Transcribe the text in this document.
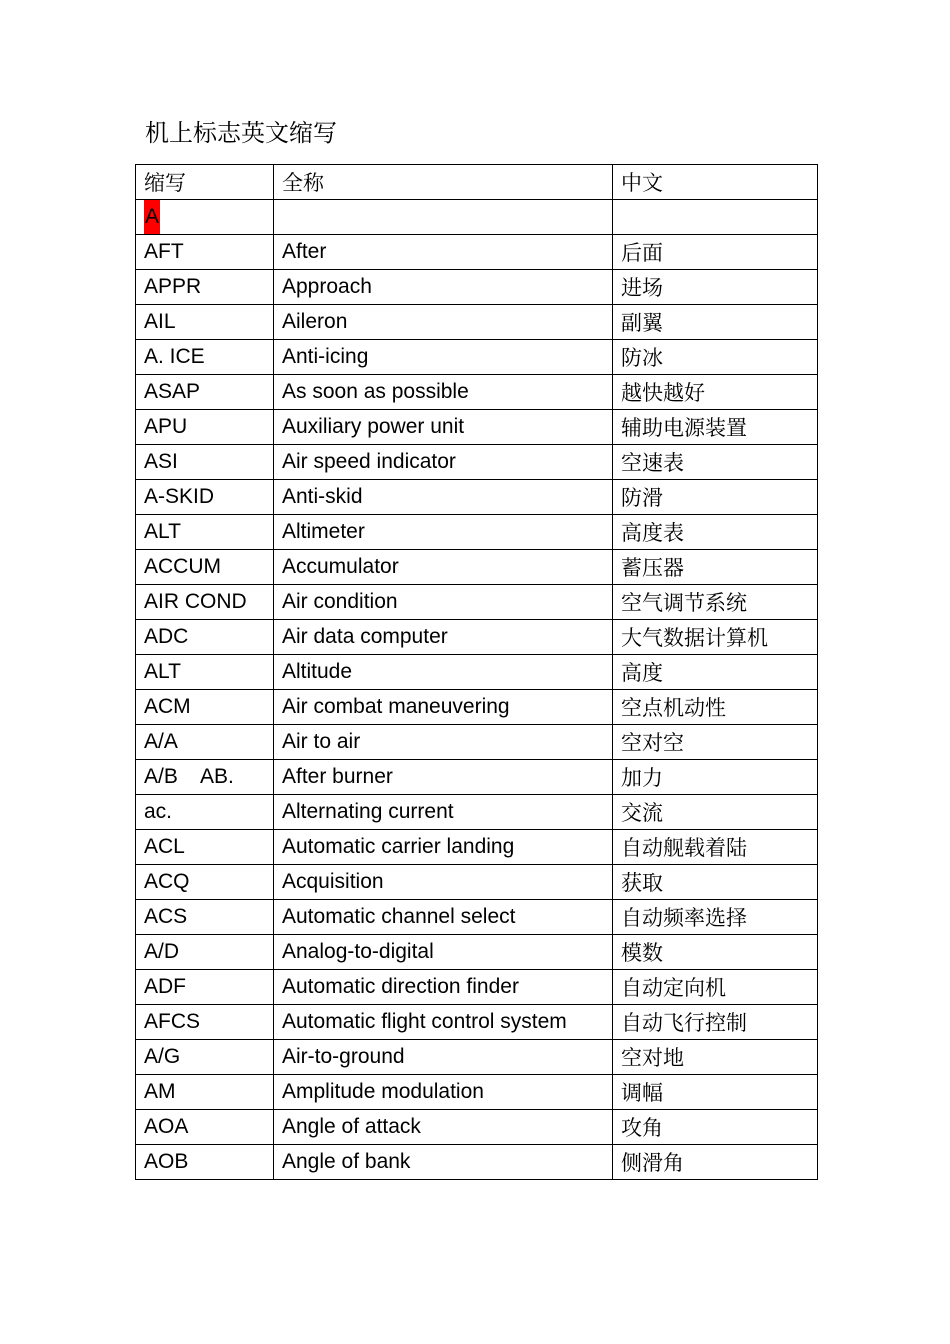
机上标志英文缩写
缩写	全称	中文
A		
AFT	After	后面
APPR	Approach	进场
AIL	Aileron	副翼
A. ICE	Anti-icing	防冰
ASAP	As soon as possible	越快越好
APU	Auxiliary power unit	辅助电源装置
ASI	Air speed indicator	空速表
A-SKID	Anti-skid	防滑
ALT	Altimeter	高度表
ACCUM	Accumulator	蓄压器
AIR COND	Air condition	空气调节系统
ADC	Air data computer	大气数据计算机
ALT	Altitude	高度
ACM	Air combat maneuvering	空点机动性
A/A	Air to air	空对空
A/B    AB.	After burner	加力
ac.	Alternating current	交流
ACL	Automatic carrier landing	自动舰载着陆
ACQ	Acquisition	获取
ACS	Automatic channel select	自动频率选择
A/D	Analog-to-digital	模数
ADF	Automatic direction finder	自动定向机
AFCS	Automatic flight control system	自动飞行控制
A/G	Air-to-ground	空对地
AM	Amplitude modulation	调幅
AOA	Angle of attack	攻角
AOB	Angle of bank	侧滑角
